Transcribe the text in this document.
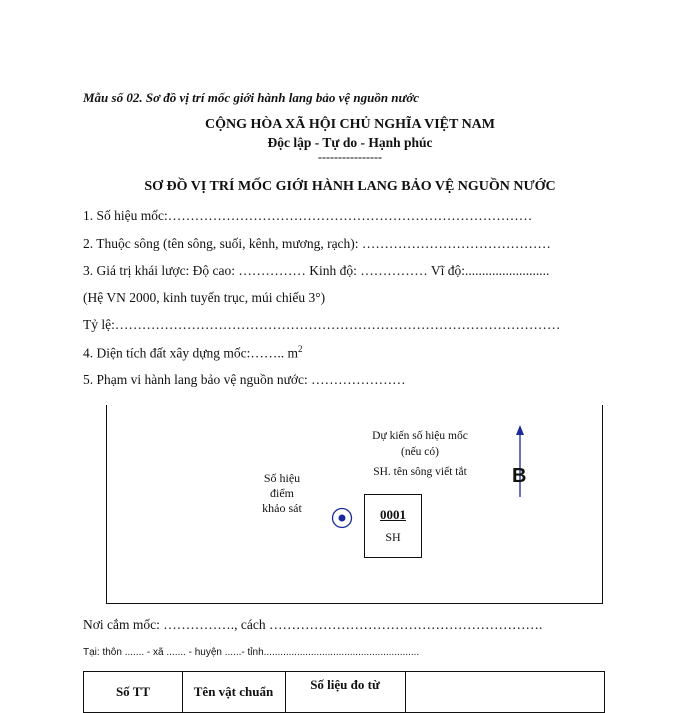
Mẫu số 02. Sơ đồ vị trí mốc giới hành lang bảo vệ nguồn nước
CỘNG HÒA XÃ HỘI CHỦ NGHĨA VIỆT NAM
Độc lập - Tự do - Hạnh phúc
----------------
SƠ ĐỒ VỊ TRÍ MỐC GIỚI HÀNH LANG BẢO VỆ NGUỒN NƯỚC
1. Số hiệu mốc:………………………………………………………………………
2. Thuộc sông (tên sông, suối, kênh, mương, rạch): ……………………………………
3. Giá trị khái lược: Độ cao: …………… Kinh độ: …………… Vĩ độ:.........................
(Hệ VN 2000, kinh tuyến trục, múi chiếu 3°)
Tỷ lệ:………………………………………………………………………………………
4. Diện tích đất xây dựng mốc:…….. $m^2$
5. Phạm vi hành lang bảo vệ nguồn nước: …………………
Dự kiến số hiệu mốc
(nếu có)
SH. tên sông viết tắt
Số hiệu điểm khảo sát	0001
SH
B
Nơi cắm mốc: ……………., cách …………………………………………………….
Tại: thôn ....... - xã ....... - huyện ......- tỉnh........................................................
Số TT	Tên vật chuẩn	Số liệu đo từ
